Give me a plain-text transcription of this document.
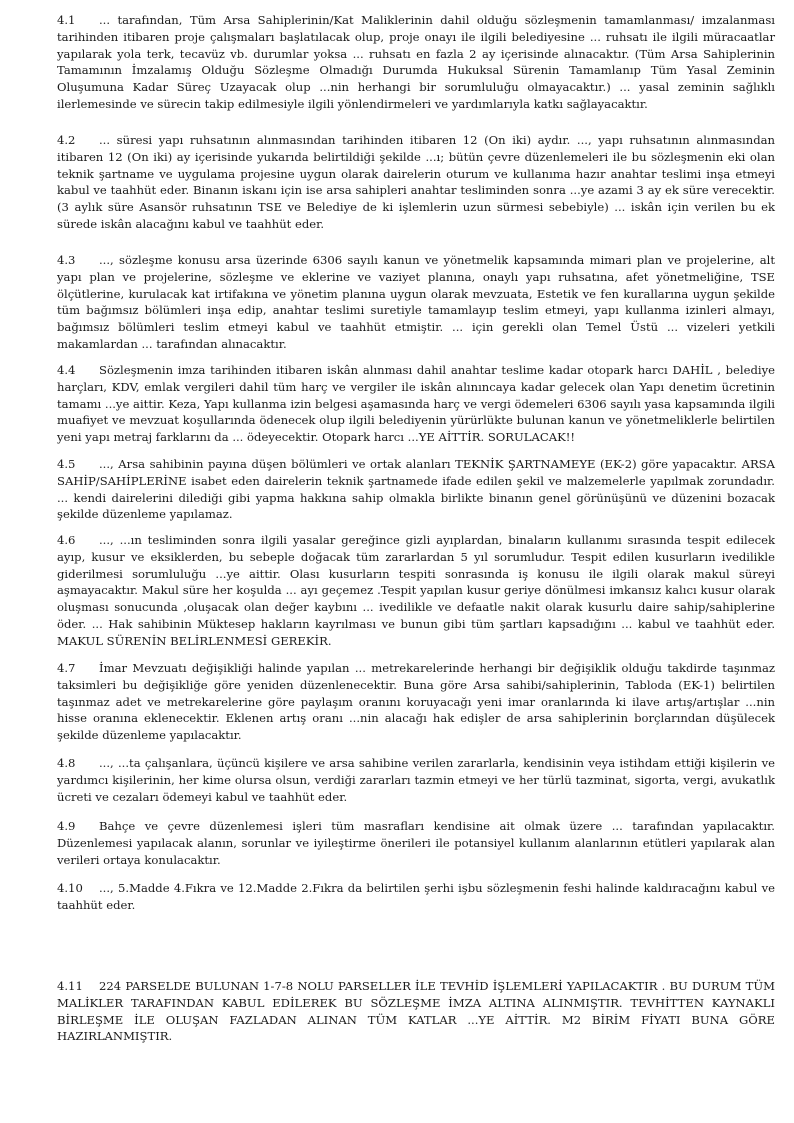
4.1 ... tarafından, Tüm Arsa Sahiplerinin/Kat Maliklerinin dahil olduğu sözleşmenin tamamlanması/ imzalanması tarihinden itibaren proje çalışmaları başlatılacak olup, proje onayı ile ilgili belediyesine ... ruhsatı ile ilgili müracaatlar yapılarak yola terk, tecavüz vb. durumlar yoksa ... ruhsatı en fazla 2 ay içerisinde alınacaktır. (Tüm Arsa Sahiplerinin Tamamının İmzalamış Olduğu Sözleşme Olmadığı Durumda Hukuksal Sürenin Tamamlanıp Tüm Yasal Zeminin Oluşumuna Kadar Süreç Uzayacak olup ...nin herhangi bir sorumluluğu olmayacaktır.) ... yasal zeminin sağlıklı ilerlemesinde ve sürecin takip edilmesiyle ilgili yönlendirmeleri ve yardımlarıyla katkı sağlayacaktır.

4.2 ... süresi yapı ruhsatının alınmasından tarihinden itibaren 12 (On iki) aydır. ..., yapı ruhsatının alınmasından itibaren 12 (On iki) ay içerisinde yukarıda belirtildiği şekilde ...ı; bütün çevre düzenlemeleri ile bu sözleşmenin eki olan teknik şartname ve uygulama projesine uygun olarak dairelerin oturum ve kullanıma hazır anahtar teslimi inşa etmeyi kabul ve taahhüt eder. Binanın iskanı için ise arsa sahipleri anahtar tesliminden sonra ...ye azami 3 ay ek süre verecektir. (3 aylık süre Asansör ruhsatının TSE ve Belediye de ki işlemlerin uzun sürmesi sebebiyle) ... iskân için verilen bu ek sürede iskân alacağını kabul ve taahhüt eder.

4.3 ..., sözleşme konusu arsa üzerinde 6306 sayılı kanun ve yönetmelik kapsamında mimari plan ve projelerine, alt yapı plan ve projelerine, sözleşme ve eklerine ve vaziyet planına, onaylı yapı ruhsatına, afet yönetmeliğine, TSE ölçütlerine, kurulacak kat irtifakına ve yönetim planına uygun olarak mevzuata, Estetik ve fen kurallarına uygun şekilde tüm bağımsız bölümleri inşa edip, anahtar teslimi suretiyle tamamlayıp teslim etmeyi, yapı kullanma izinleri almayı, bağımsız bölümleri teslim etmeyi kabul ve taahhüt etmiştir. ... için gerekli olan Temel Üstü ... vizeleri yetkili makamlardan ... tarafından alınacaktır.

4.4 Sözleşmenin imza tarihinden itibaren iskân alınması dahil anahtar teslime kadar otopark harcı DAHİL , belediye harçları, KDV, emlak vergileri dahil tüm harç ve vergiler ile iskân alınıncaya kadar gelecek olan Yapı denetim ücretinin tamamı ...ye aittir. Keza, Yapı kullanma izin belgesi aşamasında harç ve vergi ödemeleri 6306 sayılı yasa kapsamında ilgili muafiyet ve mevzuat koşullarında ödenecek olup ilgili belediyenin yürürlükte bulunan kanun ve yönetmeliklerle belirtilen yeni yapı metraj farklarını da ... ödeyecektir. Otopark harcı ...YE AİTTİR. SORULACAK!!

4.5 ..., Arsa sahibinin payına düşen bölümleri ve ortak alanları TEKNİK ŞARTNAMEYE (EK-2) göre yapacaktır. ARSA SAHİP/SAHİPLERİNE isabet eden dairelerin teknik şartnamede ifade edilen şekil ve malzemelerle yapılmak zorundadır. ... kendi dairelerini dilediği gibi yapma hakkına sahip olmakla birlikte binanın genel görünüşünü ve düzenini bozacak şekilde düzenleme yapılamaz.

4.6 ..., ...ın tesliminden sonra ilgili yasalar gereğince gizli ayıplardan, binaların kullanımı sırasında tespit edilecek ayıp, kusur ve eksiklerden, bu sebeple doğacak tüm zararlardan 5 yıl sorumludur. Tespit edilen kusurların ivedilikle giderilmesi sorumluluğu ...ye aittir. Olası kusurların tespiti sonrasında iş konusu ile ilgili olarak makul süreyi aşmayacaktır. Makul süre her koşulda ... ayı geçemez .Tespit yapılan kusur geriye dönülmesi imkansız kalıcı kusur olarak oluşması sonucunda ,oluşacak olan değer kaybını ... ivedilikle ve defaatle nakit olarak kusurlu daire sahip/sahiplerine öder. ... Hak sahibinin Müktesep hakların kayrılması ve bunun gibi tüm şartları kapsadığını ... kabul ve taahhüt eder. MAKUL SÜRENİN BELİRLENMESİ GEREKİR.

4.7 İmar Mevzuatı değişikliği halinde yapılan ... metrekarelerinde herhangi bir değişiklik olduğu takdirde taşınmaz taksimleri bu değişikliğe göre yeniden düzenlenecektir. Buna göre Arsa sahibi/sahiplerinin, Tabloda (EK-1) belirtilen taşınmaz adet ve metrekarelerine göre paylaşım oranını koruyacağı yeni imar oranlarında ki ilave artış/artışlar ...nin hisse oranına eklenecektir. Eklenen artış oranı ...nin alacağı hak edişler de arsa sahiplerinin borçlarından düşülecek şekilde düzenleme yapılacaktır.

4.8 ..., ...ta çalışanlara, üçüncü kişilere ve arsa sahibine verilen zararlarla, kendisinin veya istihdam ettiği kişilerin ve yardımcı kişilerinin, her kime olursa olsun, verdiği zararları tazmin etmeyi ve her türlü tazminat, sigorta, vergi, avukatlık ücreti ve cezaları ödemeyi kabul ve taahhüt eder.

4.9 Bahçe ve çevre düzenlemesi işleri tüm masrafları kendisine ait olmak üzere ... tarafından yapılacaktır. Düzenlemesi yapılacak alanın, sorunlar ve iyileştirme önerileri ile potansiyel kullanım alanlarının etütleri yapılarak alan verileri ortaya konulacaktır.

4.10 ..., 5.Madde 4.Fıkra ve 12.Madde 2.Fıkra da belirtilen şerhi işbu sözleşmenin feshi halinde kaldıracağını kabul ve taahhüt eder.

4.11 224 PARSELDE BULUNAN 1-7-8 NOLU PARSELLER İLE TEVHİD İŞLEMLERİ YAPILACAKTIR . BU DURUM TÜM MALİKLER TARAFINDAN KABUL EDİLEREK BU SÖZLEŞME İMZA ALTINA ALINMIŞTIR. TEVHİTTEN KAYNAKLI BİRLEŞME İLE OLUŞAN FAZLADAN ALINAN TÜM KATLAR ...YE AİTTİR. M2 BİRİM FİYATI BUNA GÖRE HAZIRLANMIŞTIR.
